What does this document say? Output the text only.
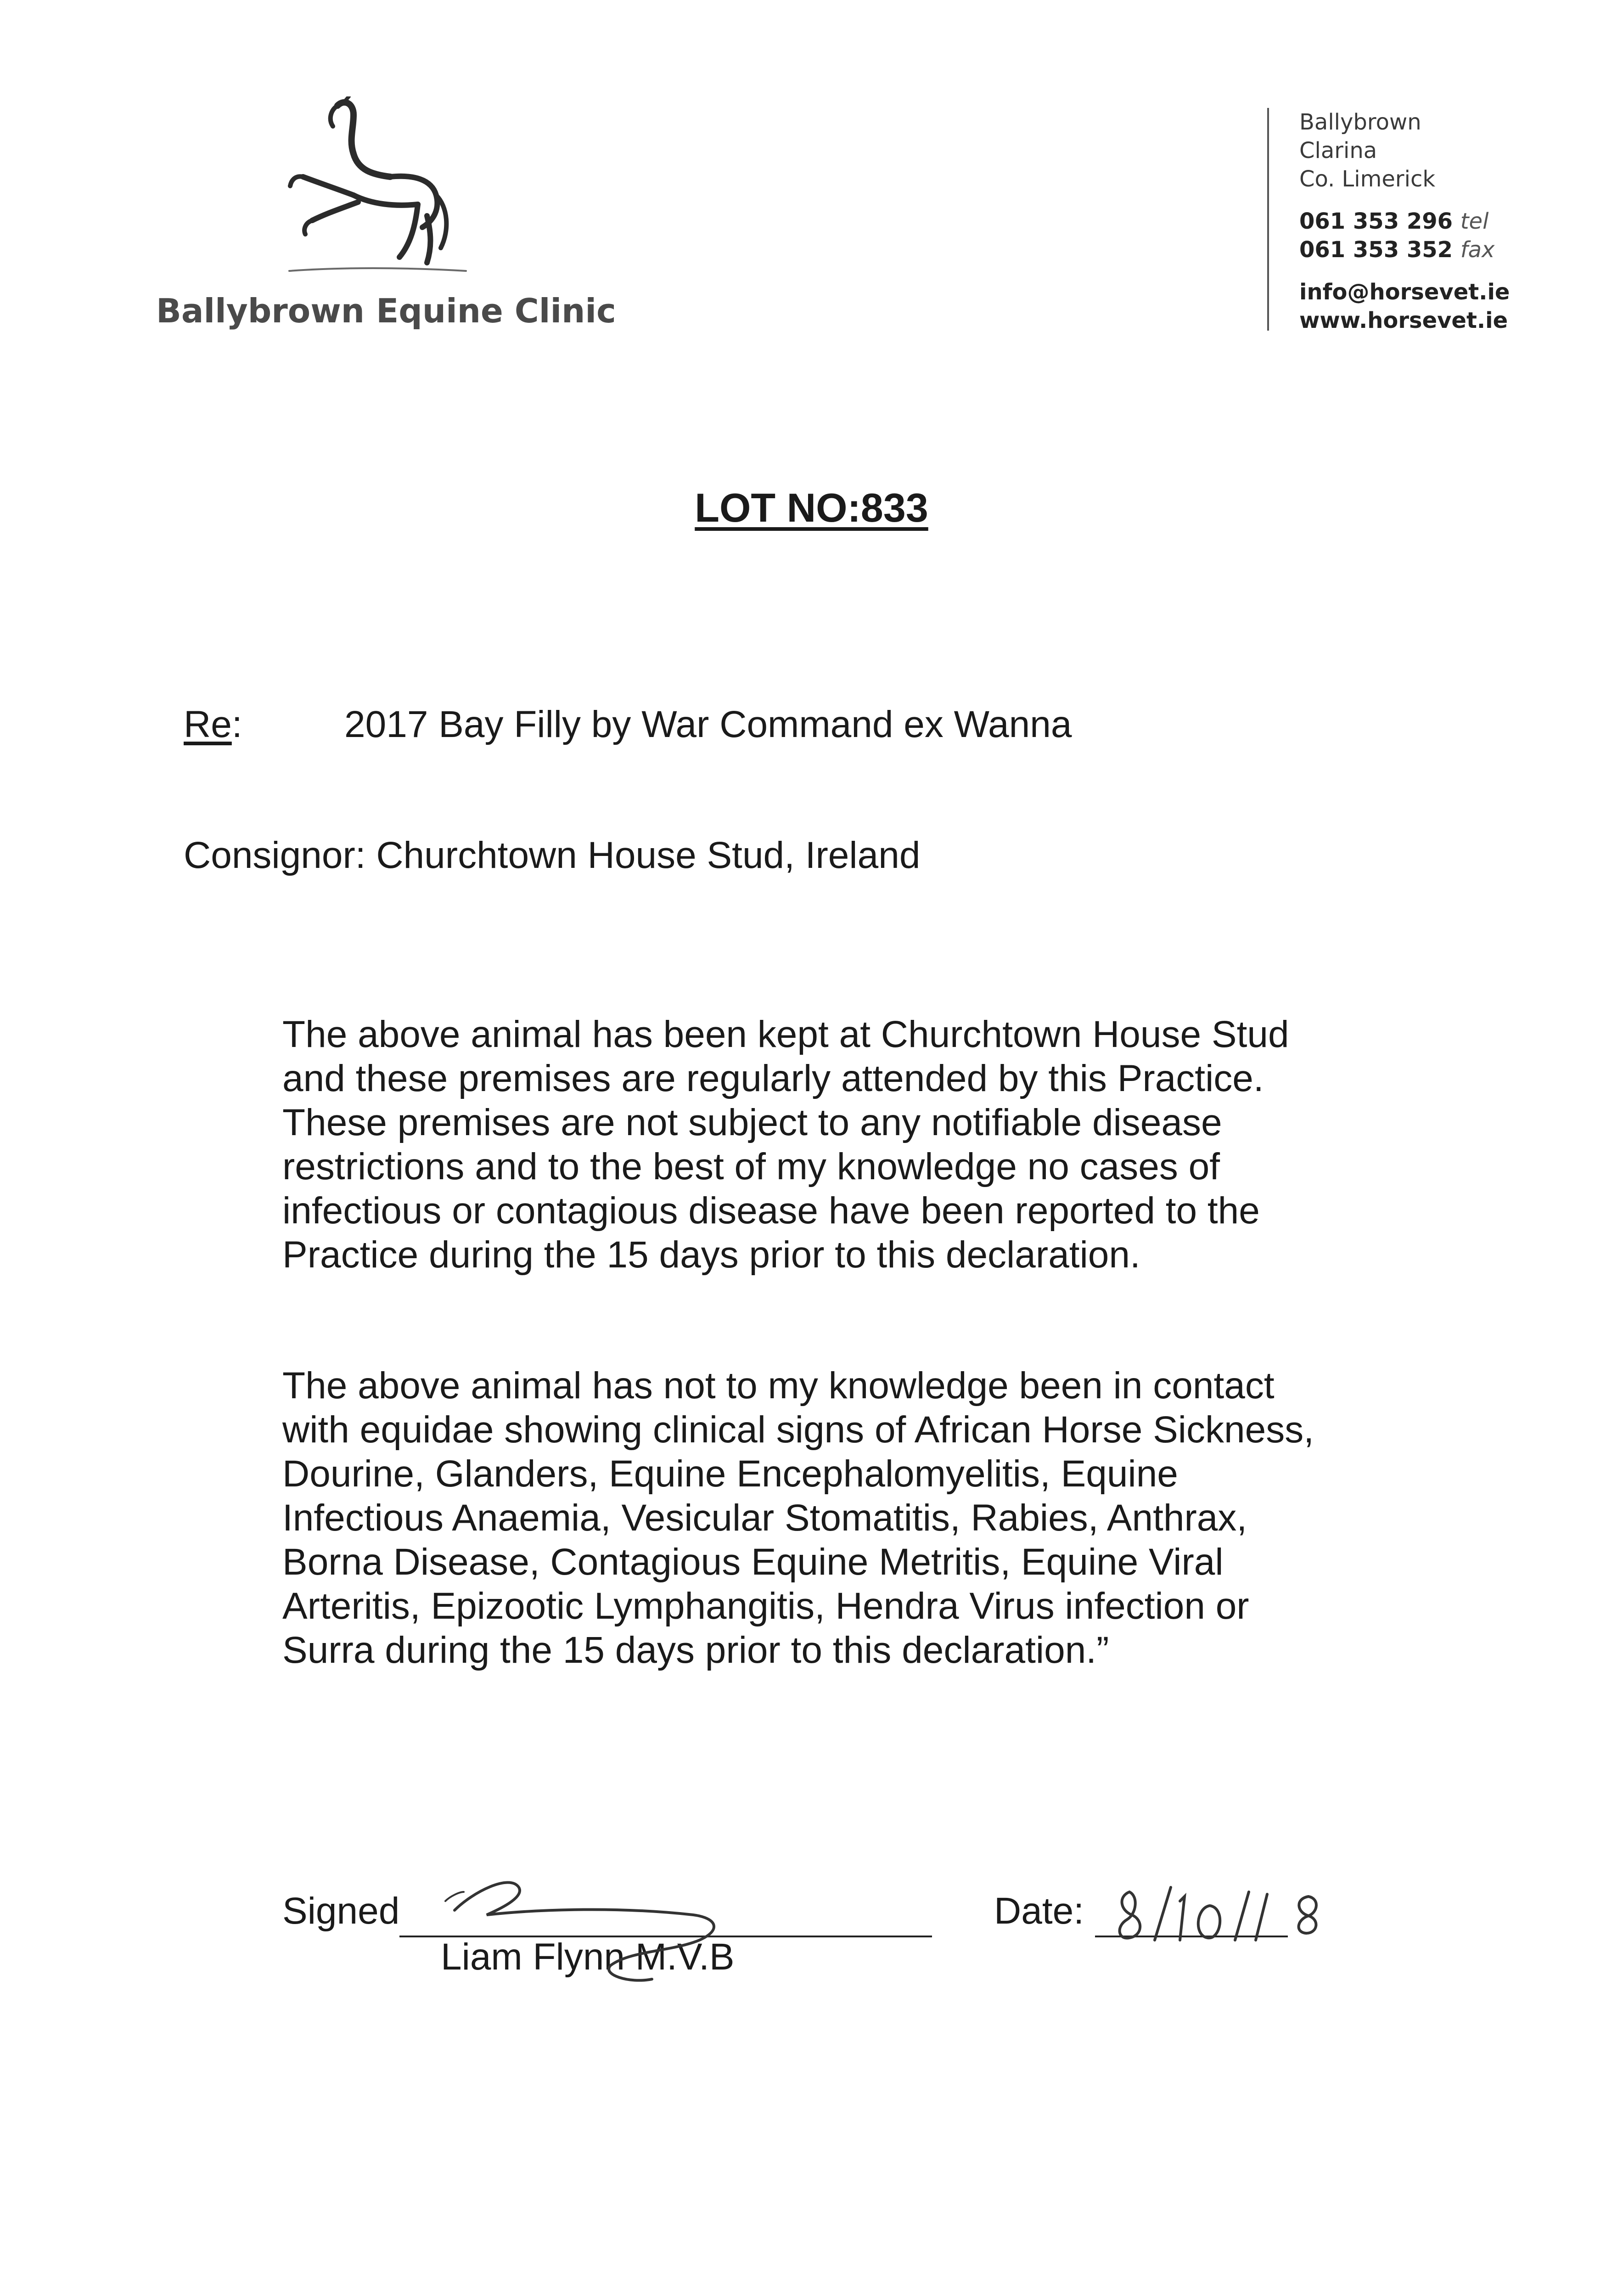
Ballybrown Equine Clinic
Ballybrown
Clarina
Co. Limerick
061 353 296 tel
061 353 352 fax
info@horsevet.ie
www.horsevet.ie
LOT NO:833
Re:	2017 Bay Filly by War Command ex Wanna
Consignor: Churchtown House Stud, Ireland
The above animal has been kept at Churchtown House Stud and these premises are regularly attended by this Practice. These premises are not subject to any notifiable disease restrictions and to the best of my knowledge no cases of infectious or contagious disease have been reported to the Practice during the 15 days prior to this declaration.
The above animal has not to my knowledge been in contact with equidae showing clinical signs of African Horse Sickness, Dourine, Glanders, Equine Encephalomyelitis, Equine Infectious Anaemia, Vesicular Stomatitis, Rabies, Anthrax, Borna Disease, Contagious Equine Metritis, Equine Viral Arteritis, Epizootic Lymphangitis, Hendra Virus infection or Surra during the 15 days prior to this declaration.”
Signed
Liam Flynn M.V.B
Date:
